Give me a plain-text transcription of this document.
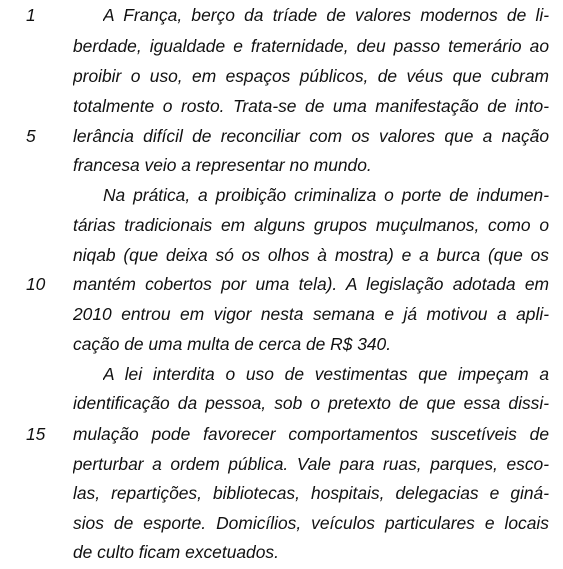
1	A França, berço da tríade de valores modernos de li-
berdade, igualdade e fraternidade, deu passo temerário ao
proibir o uso, em espaços públicos, de véus que cubram
totalmente o rosto. Trata-se de uma manifestação de into-
5	lerância difícil de reconciliar com os valores que a nação
francesa veio a representar no mundo.
Na prática, a proibição criminaliza o porte de indumen-
tárias tradicionais em alguns grupos muçulmanos, como o
niqab (que deixa só os olhos à mostra) e a burca (que os
10	mantém cobertos por uma tela). A legislação adotada em
2010 entrou em vigor nesta semana e já motivou a apli-
cação de uma multa de cerca de R$ 340.
A lei interdita o uso de vestimentas que impeçam a
identificação da pessoa, sob o pretexto de que essa dissi-
15	mulação pode favorecer comportamentos suscetíveis de
perturbar a ordem pública. Vale para ruas, parques, esco-
las, repartições, bibliotecas, hospitais, delegacias e giná-
sios de esporte. Domicílios, veículos particulares e locais
de culto ficam excetuados.
